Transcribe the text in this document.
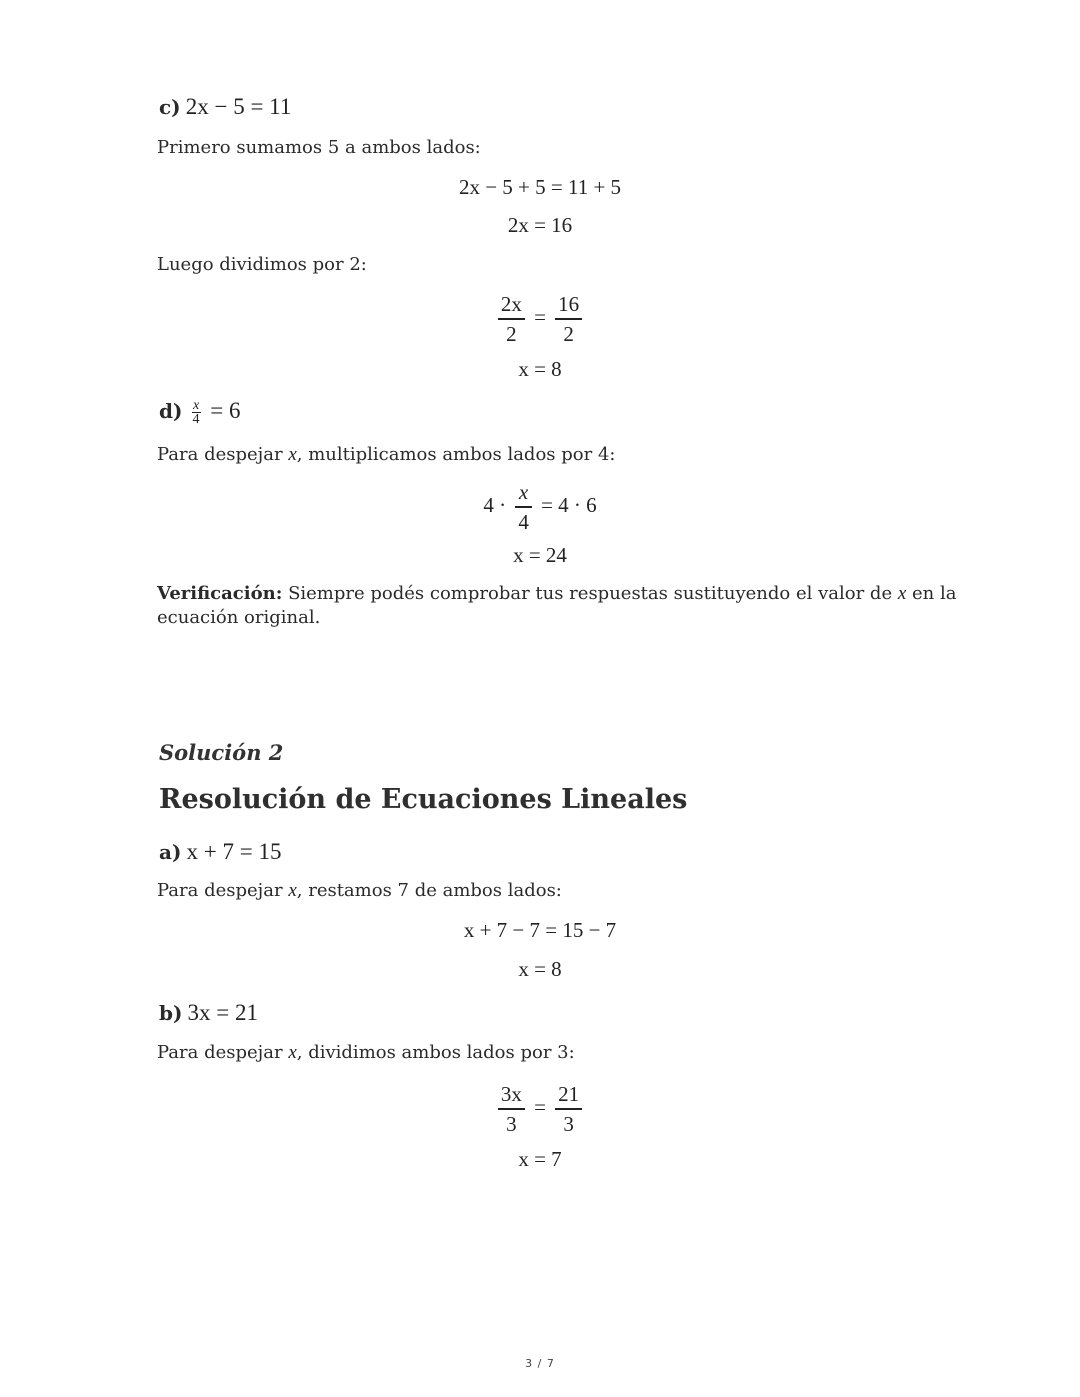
c) 2x − 5 = 11
Primero sumamos 5 a ambos lados:
2x − 5 + 5 = 11 + 5
2x = 16
Luego dividimos por 2:
$\frac{2x}{2} = \frac{16}{2}$
x = 8
$d) \frac{x}{4} = 6$
Para despejar x, multiplicamos ambos lados por 4:
$4 \cdot \frac{x}{4} = 4 \cdot 6$
x = 24
Verificación: Siempre podés comprobar tus respuestas sustituyendo el valor de x en la
ecuación original.
Solución 2
Resolución de Ecuaciones Lineales
a) x + 7 = 15
Para despejar x, restamos 7 de ambos lados:
x + 7 − 7 = 15 − 7
x = 8
b) 3x = 21
Para despejar x, dividimos ambos lados por 3:
$\frac{3x}{3} = \frac{21}{3}$
x = 7
3 / 7
